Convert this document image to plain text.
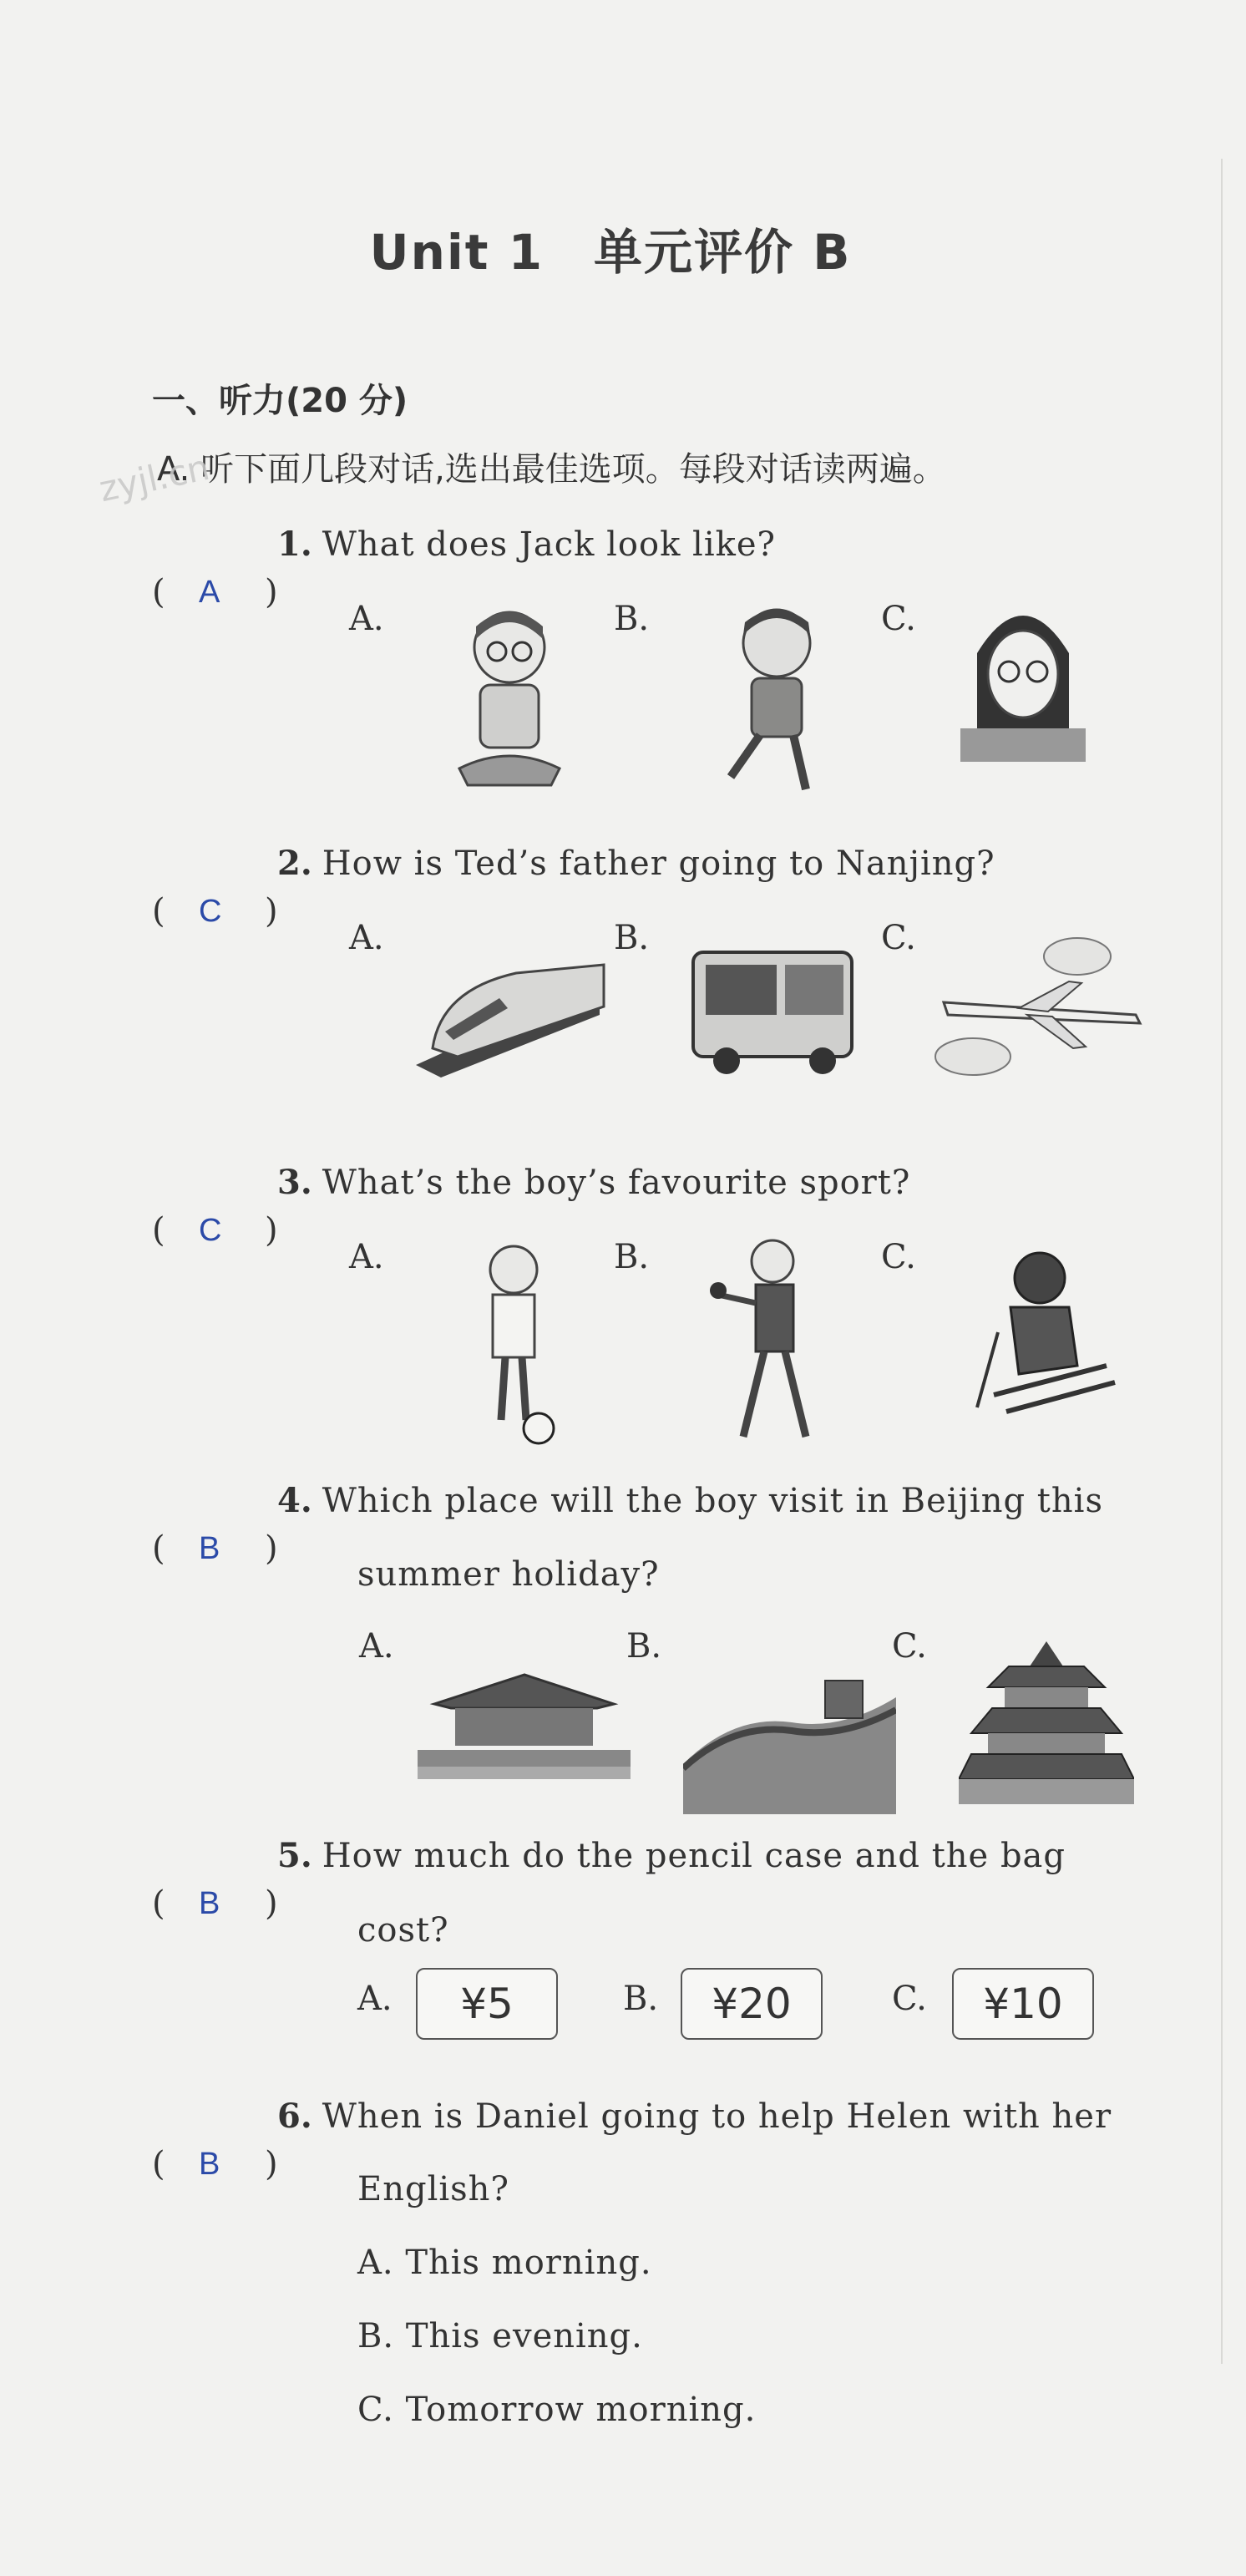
Unit 1　单元评价 B
一、听力(20 分)
A. 听下面几段对话,选出最佳选项。每段对话读两遍。
zyjl.cn
( A )
1. What does Jack look like?
A.	B.	C.
( C )
2. How is Ted’s father going to Nanjing?
A.	B.	C.
( C )
3. What’s the boy’s favourite sport?
A.	B.	C.
( B )
4. Which place will the boy visit in Beijing this
summer holiday?
A.	B.	C.
( B )
5. How much do the pencil case and the bag
cost?
A.	B.	C.
¥5	¥20	¥10
( B )
6. When is Daniel going to help Helen with her
English?
A. This morning.
B. This evening.
C. Tomorrow morning.
